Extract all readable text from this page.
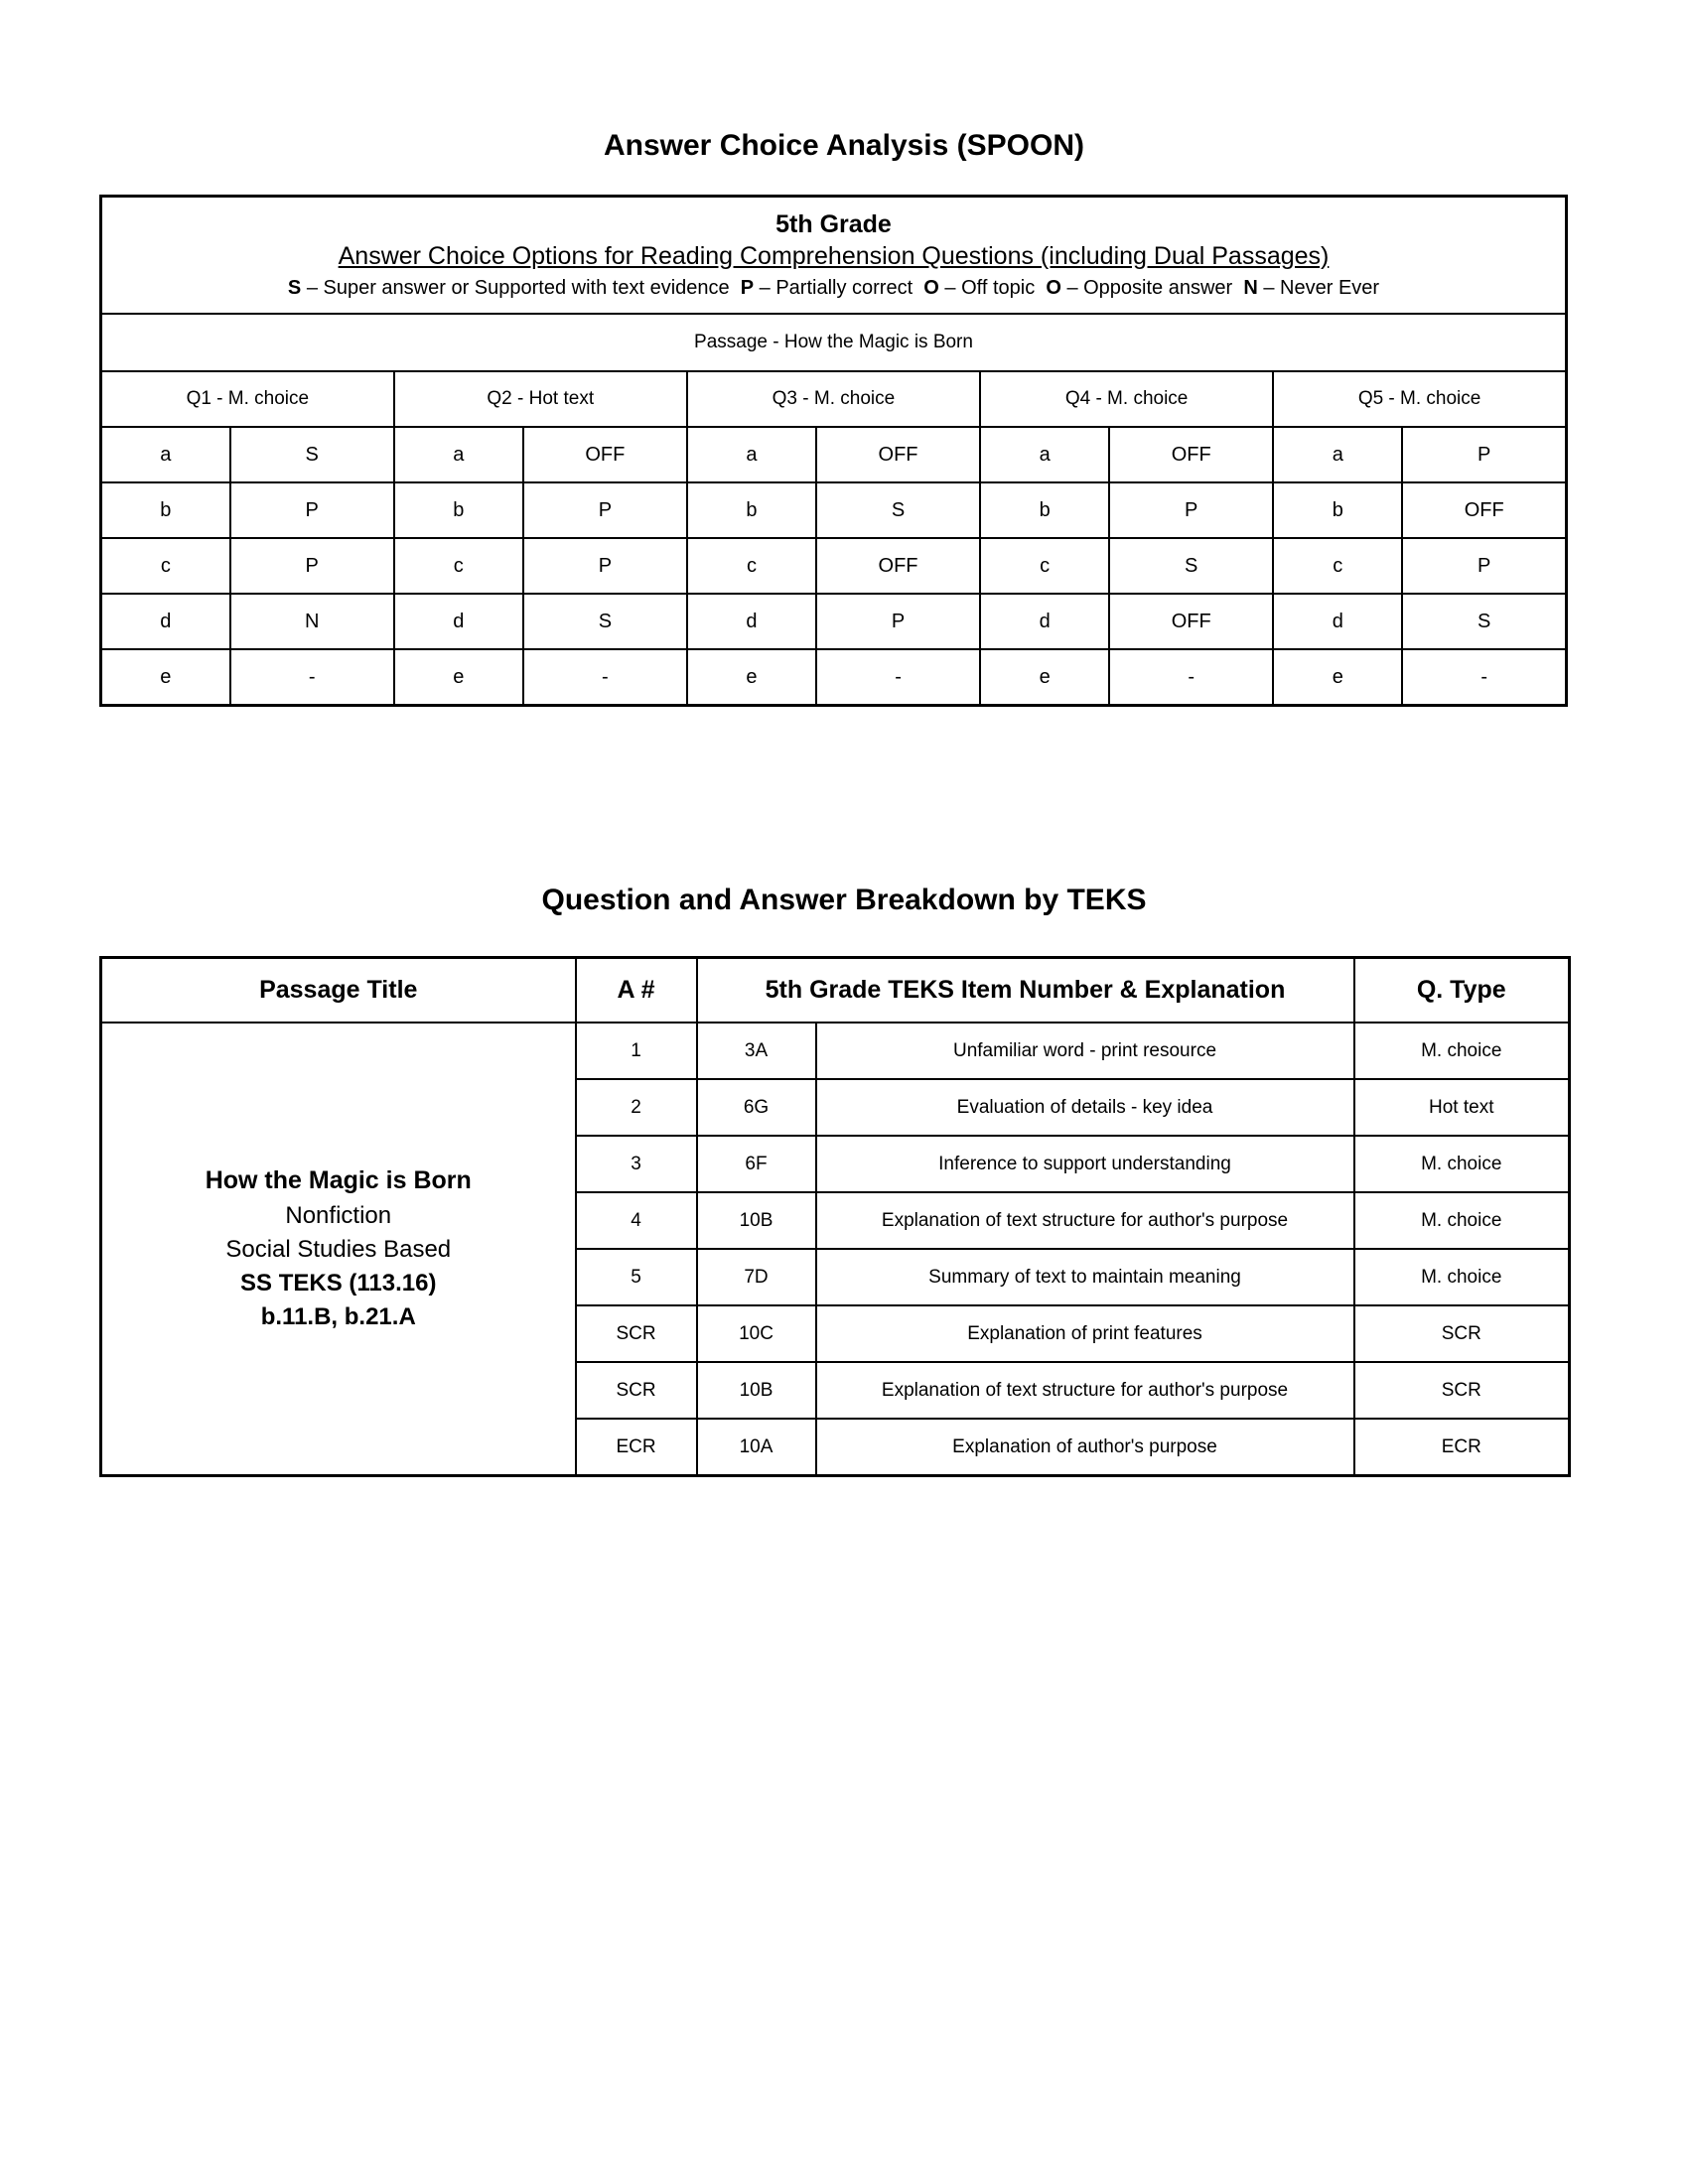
Answer Choice Analysis (SPOON)
5th Grade
Answer Choice Options for Reading Comprehension Questions (including Dual Passages)
S – Super answer or Supported with text evidence P – Partially correct O – Off topic O – Opposite answer N – Never Ever									

Passage - How the Magic is Born									
Q1 - M. choice		Q2 - Hot text		Q3 - M. choice		Q4 - M. choice		Q5 - M. choice	
a	S	a	OFF	a	OFF	a	OFF	a	P
b	P	b	P	b	S	b	P	b	OFF
c	P	c	P	c	OFF	c	S	c	P
d	N	d	S	d	P	d	OFF	d	S
e	-	e	-	e	-	e	-	e	-
Question and Answer Breakdown by TEKS
Passage Title	A #	5th Grade TEKS Item Number & Explanation		Q. Type

How the Magic is Born
Nonfiction
Social Studies Based
SS TEKS (113.16)
b.11.B, b.21.A	1	3A	Unfamiliar word - print resource	M. choice
	2	6G	Evaluation of details - key idea	Hot text
	3	6F	Inference to support understanding	M. choice
	4	10B	Explanation of text structure for author's purpose	M. choice
	5	7D	Summary of text to maintain meaning	M. choice
	SCR	10C	Explanation of print features	SCR
	SCR	10B	Explanation of text structure for author's purpose	SCR
	ECR	10A	Explanation of author's purpose	ECR
